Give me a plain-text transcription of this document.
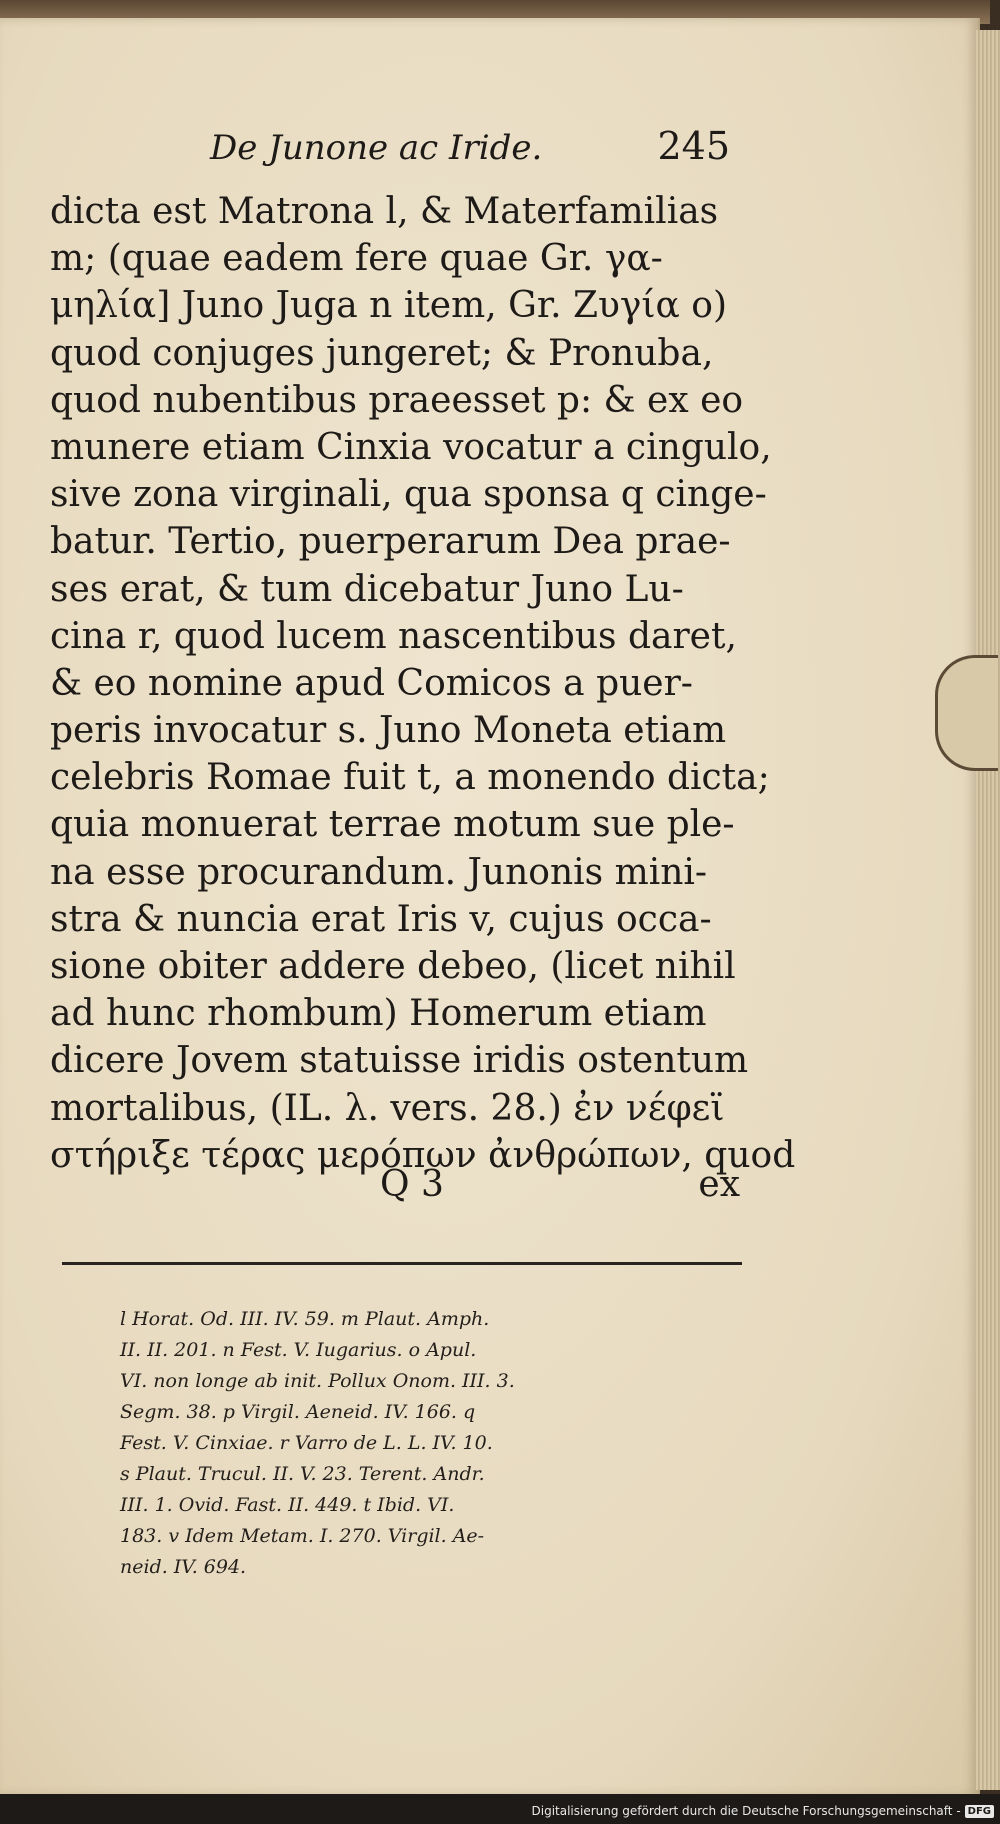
De Junone ac Iride.	245
dicta est Matrona l, & Materfamilias
m; (quae eadem fere quae Gr. γα-
μηλία] Juno Juga n item, Gr. Ζυγία o)
quod conjuges jungeret; & Pronuba,
quod nubentibus praeesset p: & ex eo
munere etiam Cinxia vocatur a cingulo,
sive zona virginali, qua sponsa q cinge-
batur. Tertio, puerperarum Dea prae-
ses erat, & tum dicebatur Juno Lu-
cina r, quod lucem nascentibus daret,
& eo nomine apud Comicos a puer-
peris invocatur s. Juno Moneta etiam
celebris Romae fuit t, a monendo dicta;
quia monuerat terrae motum sue ple-
na esse procurandum. Junonis mini-
stra & nuncia erat Iris v, cujus occa-
sione obiter addere debeo, (licet nihil
ad hunc rhombum) Homerum etiam
dicere Jovem statuisse iridis ostentum
mortalibus, (IL. λ. vers. 28.) ἐν νέφεϊ
στήριξε τέρας μερόπων ἀνθρώπων, quod
Q 3	ex
l Horat. Od. III. IV. 59. m Plaut. Amph.
II. II. 201. n Fest. V. Iugarius. o Apul.
VI. non longe ab init. Pollux Onom. III. 3.
Segm. 38. p Virgil. Aeneid. IV. 166. q
Fest. V. Cinxiae. r Varro de L. L. IV. 10.
s Plaut. Trucul. II. V. 23. Terent. Andr.
III. 1. Ovid. Fast. II. 449. t Ibid. VI.
183. v Idem Metam. I. 270. Virgil. Ae-
neid. IV. 694.
Digitalisierung gefördert durch die Deutsche Forschungsgemeinschaft - DFG
